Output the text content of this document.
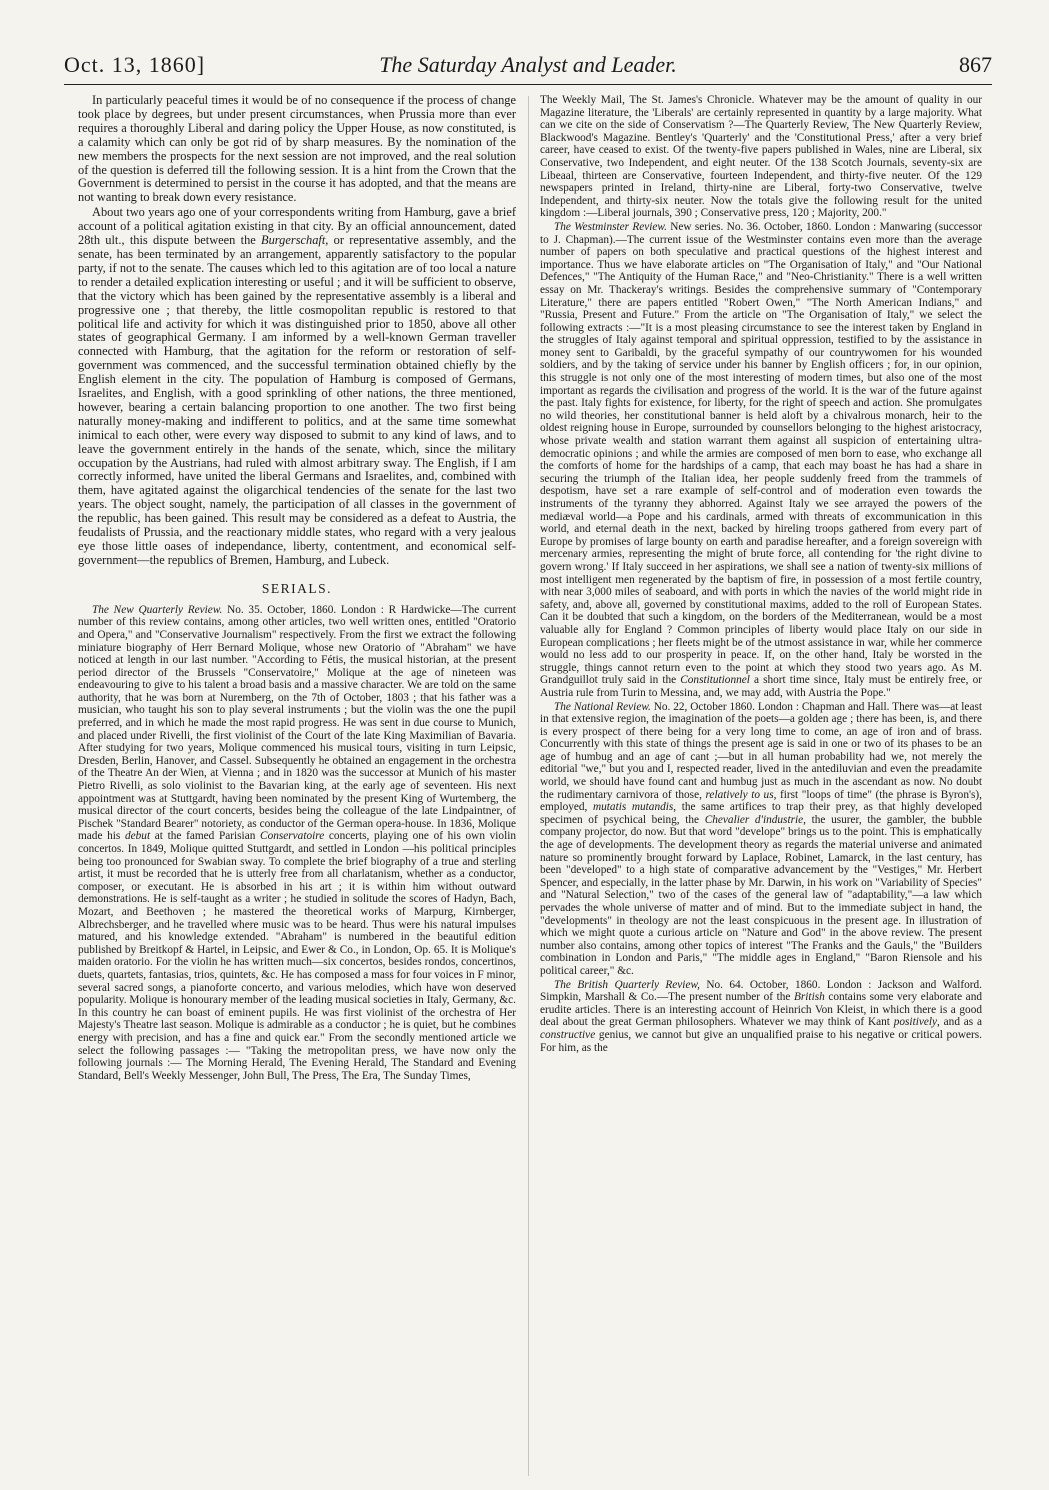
Oct. 13, 1860]	The Saturday Analyst and Leader.	867

In particularly peaceful times it would be of no consequence if the process of change took place by degrees, but under present circumstances, when Prussia more than ever requires a thoroughly Liberal and daring policy the Upper House, as now constituted, is a calamity which can only be got rid of by sharp measures. By the nomination of the new members the prospects for the next session are not improved, and the real solution of the question is deferred till the following session. It is a hint from the Crown that the Government is determined to persist in the course it has adopted, and that the means are not wanting to break down every resistance.

About two years ago one of your correspondents writing from Hamburg, gave a brief account of a political agitation existing in that city. By an official announcement, dated 28th ult., this dispute between the Burgerschaft, or representative assembly, and the senate, has been terminated by an arrangement, apparently satisfactory to the popular party, if not to the senate. The causes which led to this agitation are of too local a nature to render a detailed explication interesting or useful ; and it will be sufficient to observe, that the victory which has been gained by the representative assembly is a liberal and progressive one ; that thereby, the little cosmopolitan republic is restored to that political life and activity for which it was distinguished prior to 1850, above all other states of geographical Germany. I am informed by a well-known German traveller connected with Hamburg, that the agitation for the reform or restoration of self-government was commenced, and the successful termination obtained chiefly by the English element in the city. The population of Hamburg is composed of Germans, Israelites, and English, with a good sprinkling of other nations, the three mentioned, however, bearing a certain balancing proportion to one another. The two first being naturally money-making and indifferent to politics, and at the same time somewhat inimical to each other, were every way disposed to submit to any kind of laws, and to leave the government entirely in the hands of the senate, which, since the military occupation by the Austrians, had ruled with almost arbitrary sway. The English, if I am correctly informed, have united the liberal Germans and Israelites, and, combined with them, have agitated against the oligarchical tendencies of the senate for the last two years. The object sought, namely, the participation of all classes in the government of the republic, has been gained. This result may be considered as a defeat to Austria, the feudalists of Prussia, and the reactionary middle states, who regard with a very jealous eye those little oases of independance, liberty, contentment, and economical self-government—the republics of Bremen, Hamburg, and Lubeck.

SERIALS.

The New Quarterly Review. No. 35. October, 1860. London : R Hardwicke—The current number of this review contains, among other articles, two well written ones, entitled "Oratorio and Opera," and "Conservative Journalism" respectively. From the first we extract the following miniature biography of Herr Bernard Molique, whose new Oratorio of "Abraham" we have noticed at length in our last number. "According to Fétis, the musical historian, at the present period director of the Brussels "Conservatoire," Molique at the age of nineteen was endeavouring to give to his talent a broad basis and a massive character. We are told on the same authority, that he was born at Nuremberg, on the 7th of October, 1803 ; that his father was a musician, who taught his son to play several instruments ; but the violin was the one the pupil preferred, and in which he made the most rapid progress. He was sent in due course to Munich, and placed under Rivelli, the first violinist of the Court of the late King Maximilian of Bavaria. After studying for two years, Molique commenced his musical tours, visiting in turn Leipsic, Dresden, Berlin, Hanover, and Cassel. Subsequently he obtained an engagement in the orchestra of the Theatre An der Wien, at Vienna ; and in 1820 was the successor at Munich of his master Pietro Rivelli, as solo violinist to the Bavarian king, at the early age of seventeen. His next appointment was at Stuttgardt, having been nominated by the present King of Wurtemberg, the musical director of the court concerts, besides being the colleague of the late Lindpaintner, of Pischek "Standard Bearer" notoriety, as conductor of the German opera-house. In 1836, Molique made his debut at the famed Parisian Conservatoire concerts, playing one of his own violin concertos. In 1849, Molique quitted Stuttgardt, and settled in London —his political principles being too pronounced for Swabian sway. To complete the brief biography of a true and sterling artist, it must be recorded that he is utterly free from all charlatanism, whether as a conductor, composer, or executant. He is absorbed in his art ; it is within him without outward demonstrations. He is self-taught as a writer ; he studied in solitude the scores of Hadyn, Bach, Mozart, and Beethoven ; he mastered the theoretical works of Marpurg, Kirnberger, Albrechsberger, and he travelled where music was to be heard. Thus were his natural impulses matured, and his knowledge extended. "Abraham" is numbered in the beautiful edition published by Breitkopf & Hartel, in Leipsic, and Ewer & Co., in London, Op. 65. It is Molique's maiden oratorio. For the violin he has written much—six concertos, besides rondos, concertinos, duets, quartets, fantasias, trios, quintets, &c. He has composed a mass for four voices in F minor, several sacred songs, a pianoforte concerto, and various melodies, which have won deserved popularity. Molique is honourary member of the leading musical societies in Italy, Germany, &c. In this country he can boast of eminent pupils. He was first violinist of the orchestra of Her Majesty's Theatre last season. Molique is admirable as a conductor ; he is quiet, but he combines energy with precision, and has a fine and quick ear." From the secondly mentioned article we select the following passages :— "Taking the metropolitan press, we have now only the following journals :— The Morning Herald, The Evening Herald, The Standard and Evening Standard, Bell's Weekly Messenger, John Bull, The Press, The Era, The Sunday Times,

The Weekly Mail, The St. James's Chronicle. Whatever may be the amount of quality in our Magazine literature, the 'Liberals' are certainly represented in quantity by a large majority. What can we cite on the side of Conservatism ?—The Quarterly Review, The New Quarterly Review, Blackwood's Magazine. Bentley's 'Quarterly' and the 'Constitutional Press,' after a very brief career, have ceased to exist. Of the twenty-five papers published in Wales, nine are Liberal, six Conservative, two Independent, and eight neuter. Of the 138 Scotch Journals, seventy-six are Libeaal, thirteen are Conservative, fourteen Independent, and thirty-five neuter. Of the 129 newspapers printed in Ireland, thirty-nine are Liberal, forty-two Conservative, twelve Independent, and thirty-six neuter. Now the totals give the following result for the united kingdom :—Liberal journals, 390 ; Conservative press, 120 ; Majority, 200."

The Westminster Review. New series. No. 36. October, 1860. London : Manwaring (successor to J. Chapman).—The current issue of the Westminster contains even more than the average number of papers on both speculative and practical questions of the highest interest and importance. Thus we have elaborate articles on "The Organisation of Italy," and "Our National Defences," "The Antiquity of the Human Race," and "Neo-Christianity." There is a well written essay on Mr. Thackeray's writings. Besides the comprehensive summary of "Contemporary Literature," there are papers entitled "Robert Owen," "The North American Indians," and "Russia, Present and Future." From the article on "The Organisation of Italy," we select the following extracts :—"It is a most pleasing circumstance to see the interest taken by England in the struggles of Italy against temporal and spiritual oppression, testified to by the assistance in money sent to Garibaldi, by the graceful sympathy of our countrywomen for his wounded soldiers, and by the taking of service under his banner by English officers ; for, in our opinion, this struggle is not only one of the most interesting of modern times, but also one of the most important as regards the civilisation and progress of the world. It is the war of the future against the past. Italy fights for existence, for liberty, for the right of speech and action. She promulgates no wild theories, her constitutional banner is held aloft by a chivalrous monarch, heir to the oldest reigning house in Europe, surrounded by counsellors belonging to the highest aristocracy, whose private wealth and station warrant them against all suspicion of entertaining ultra-democratic opinions ; and while the armies are composed of men born to ease, who exchange all the comforts of home for the hardships of a camp, that each may boast he has had a share in securing the triumph of the Italian idea, her people suddenly freed from the trammels of despotism, have set a rare example of self-control and of moderation even towards the instruments of the tyranny they abhorred. Against Italy we see arrayed the powers of the mediæval world—a Pope and his cardinals, armed with threats of excommunication in this world, and eternal death in the next, backed by hireling troops gathered from every part of Europe by promises of large bounty on earth and paradise hereafter, and a foreign sovereign with mercenary armies, representing the might of brute force, all contending for 'the right divine to govern wrong.' If Italy succeed in her aspirations, we shall see a nation of twenty-six millions of most intelligent men regenerated by the baptism of fire, in possession of a most fertile country, with near 3,000 miles of seaboard, and with ports in which the navies of the world might ride in safety, and, above all, governed by constitutional maxims, added to the roll of European States. Can it be doubted that such a kingdom, on the borders of the Mediterranean, would be a most valuable ally for England ? Common principles of liberty would place Italy on our side in European complications ; her fleets might be of the utmost assistance in war, while her commerce would no less add to our prosperity in peace. If, on the other hand, Italy be worsted in the struggle, things cannot return even to the point at which they stood two years ago. As M. Grandguillot truly said in the Constitutionnel a short time since, Italy must be entirely free, or Austria rule from Turin to Messina, and, we may add, with Austria the Pope."

The National Review. No. 22, October 1860. London : Chapman and Hall. There was—at least in that extensive region, the imagination of the poets—a golden age ; there has been, is, and there is every prospect of there being for a very long time to come, an age of iron and of brass. Concurrently with this state of things the present age is said in one or two of its phases to be an age of humbug and an age of cant ;—but in all human probability had we, not merely the editorial "we," but you and I, respected reader, lived in the antediluvian and even the preadamite world, we should have found cant and humbug just as much in the ascendant as now. No doubt the rudimentary carnivora of those, relatively to us, first "loops of time" (the phrase is Byron's), employed, mutatis mutandis, the same artifices to trap their prey, as that highly developed specimen of psychical being, the Chevalier d'industrie, the usurer, the gambler, the bubble company projector, do now. But that word "develope" brings us to the point. This is emphatically the age of developments. The development theory as regards the material universe and animated nature so prominently brought forward by Laplace, Robinet, Lamarck, in the last century, has been "developed" to a high state of comparative advancement by the "Vestiges," Mr. Herbert Spencer, and especially, in the latter phase by Mr. Darwin, in his work on "Variability of Species" and "Natural Selection," two of the cases of the general law of "adaptability,"—a law which pervades the whole universe of matter and of mind. But to the immediate subject in hand, the "developments" in theology are not the least conspicuous in the present age. In illustration of which we might quote a curious article on "Nature and God" in the above review. The present number also contains, among other topics of interest "The Franks and the Gauls," the "Builders combination in London and Paris," "The middle ages in England," "Baron Riensole and his political career," &c.

The British Quarterly Review, No. 64. October, 1860. London : Jackson and Walford. Simpkin, Marshall & Co.—The present number of the British contains some very elaborate and erudite articles. There is an interesting account of Heinrich Von Kleist, in which there is a good deal about the great German philosophers. Whatever we may think of Kant positively, and as a constructive genius, we cannot but give an unqualified praise to his negative or critical powers. For him, as the
